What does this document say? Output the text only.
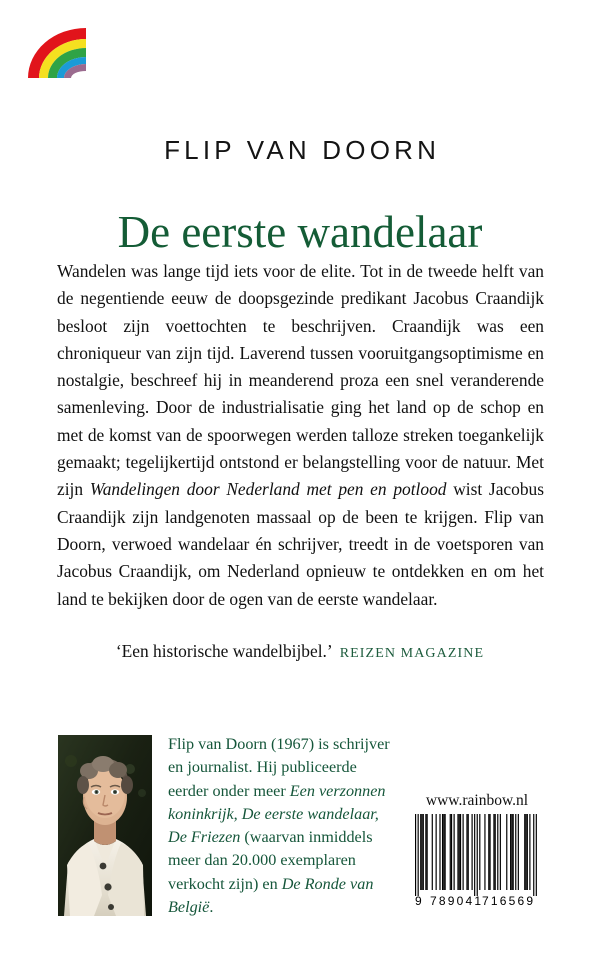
FLIP VAN DOORN
De eerste wandelaar
Wandelen was lange tijd iets voor de elite. Tot in de tweede helft van de negentiende eeuw de doopsgezinde predikant Jacobus Craandijk besloot zijn voettochten te beschrijven. Craandijk was een chroniqueur van zijn tijd. Laverend tussen vooruitgangsoptimisme en nostalgie, beschreef hij in meanderend proza een snel veranderende samenleving. Door de industrialisatie ging het land op de schop en met de komst van de spoorwegen werden talloze streken toegankelijk gemaakt; tegelijkertijd ontstond er belangstelling voor de natuur. Met zijn Wandelingen door Nederland met pen en potlood wist Jacobus Craandijk zijn landgenoten massaal op de been te krijgen. Flip van Doorn, verwoed wandelaar én schrijver, treedt in de voetsporen van Jacobus Craandijk, om Nederland opnieuw te ontdekken en om het land te bekijken door de ogen van de eerste wandelaar.
‘Een historische wandelbijbel.’ REIZEN MAGAZINE
Flip van Doorn (1967) is schrijver en journalist. Hij publiceerde eerder onder meer Een verzonnen koninkrijk, De eerste wandelaar, De Friezen (waarvan inmiddels meer dan 20.000 exemplaren verkocht zijn) en De Ronde van België.
www.rainbow.nl
9 789041
716569
